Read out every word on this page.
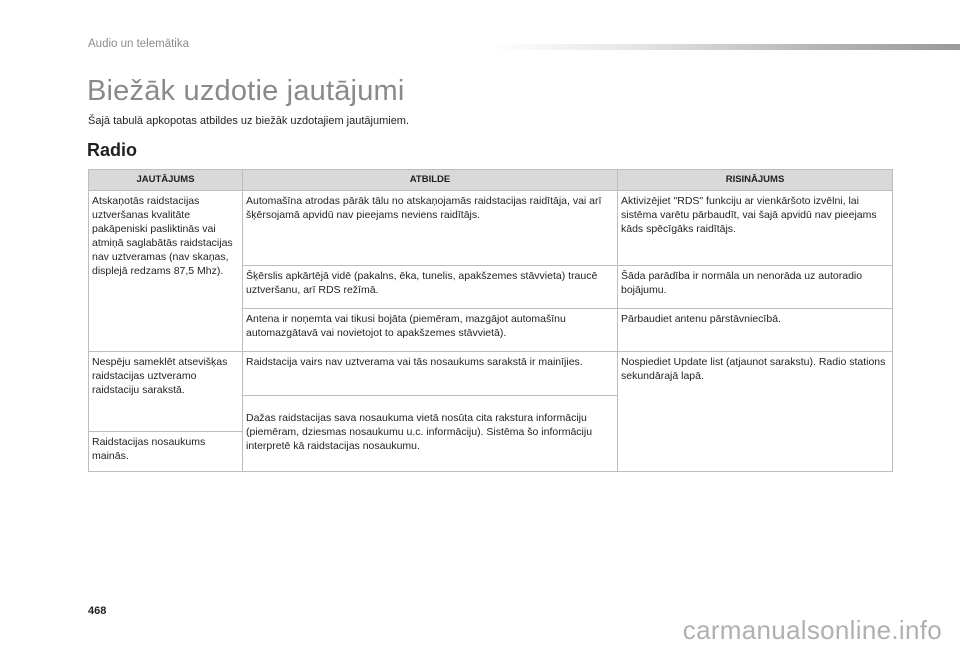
Audio un telemātika
Biežāk uzdotie jautājumi

Šajā tabulā apkopotas atbildes uz biežāk uzdotajiem jautājumiem.

Radio
JAUTĀJUMS	ATBILDE	RISINĀJUMS
Atskaņotās raidstacijas uztveršanas kvalitāte pakāpeniski pasliktinās vai atmiņā saglabātās raidstacijas nav uztveramas (nav skaņas, displejā redzams 87,5 Mhz).	Automašīna atrodas pārāk tālu no atskaņojamās raidstacijas raidītāja, vai arī šķērsojamā apvidū nav pieejams neviens raidītājs.	Aktivizējiet "RDS" funkciju ar vienkāršoto izvēlni, lai sistēma varētu pārbaudīt, vai šajā apvidū nav pieejams kāds spēcīgāks raidītājs.
	Šķērslis apkārtējā vidē (pakalns, ēka, tunelis, apakšzemes stāvvieta) traucē uztveršanu, arī RDS režīmā.	Šāda parādība ir normāla un nenorāda uz autoradio bojājumu.
	Antena ir noņemta vai tikusi bojāta (piemēram, mazgājot automašīnu automazgātavā vai novietojot to apakšzemes stāvvietā).	Pārbaudiet antenu pārstāvniecībā.
Nespēju sameklēt atsevišķas raidstacijas uztveramo raidstaciju sarakstā.	Raidstacija vairs nav uztverama vai tās nosaukums sarakstā ir mainījies.	Nospiediet Update list (atjaunot sarakstu). Radio stations sekundārajā lapā.
	Dažas raidstacijas sava nosaukuma vietā nosūta cita rakstura informāciju (piemēram, dziesmas nosaukumu u.c. informāciju). Sistēma šo informāciju interpretē kā raidstacijas nosaukumu.	
Raidstacijas nosaukums mainās.		
468
carmanualsonline.info
